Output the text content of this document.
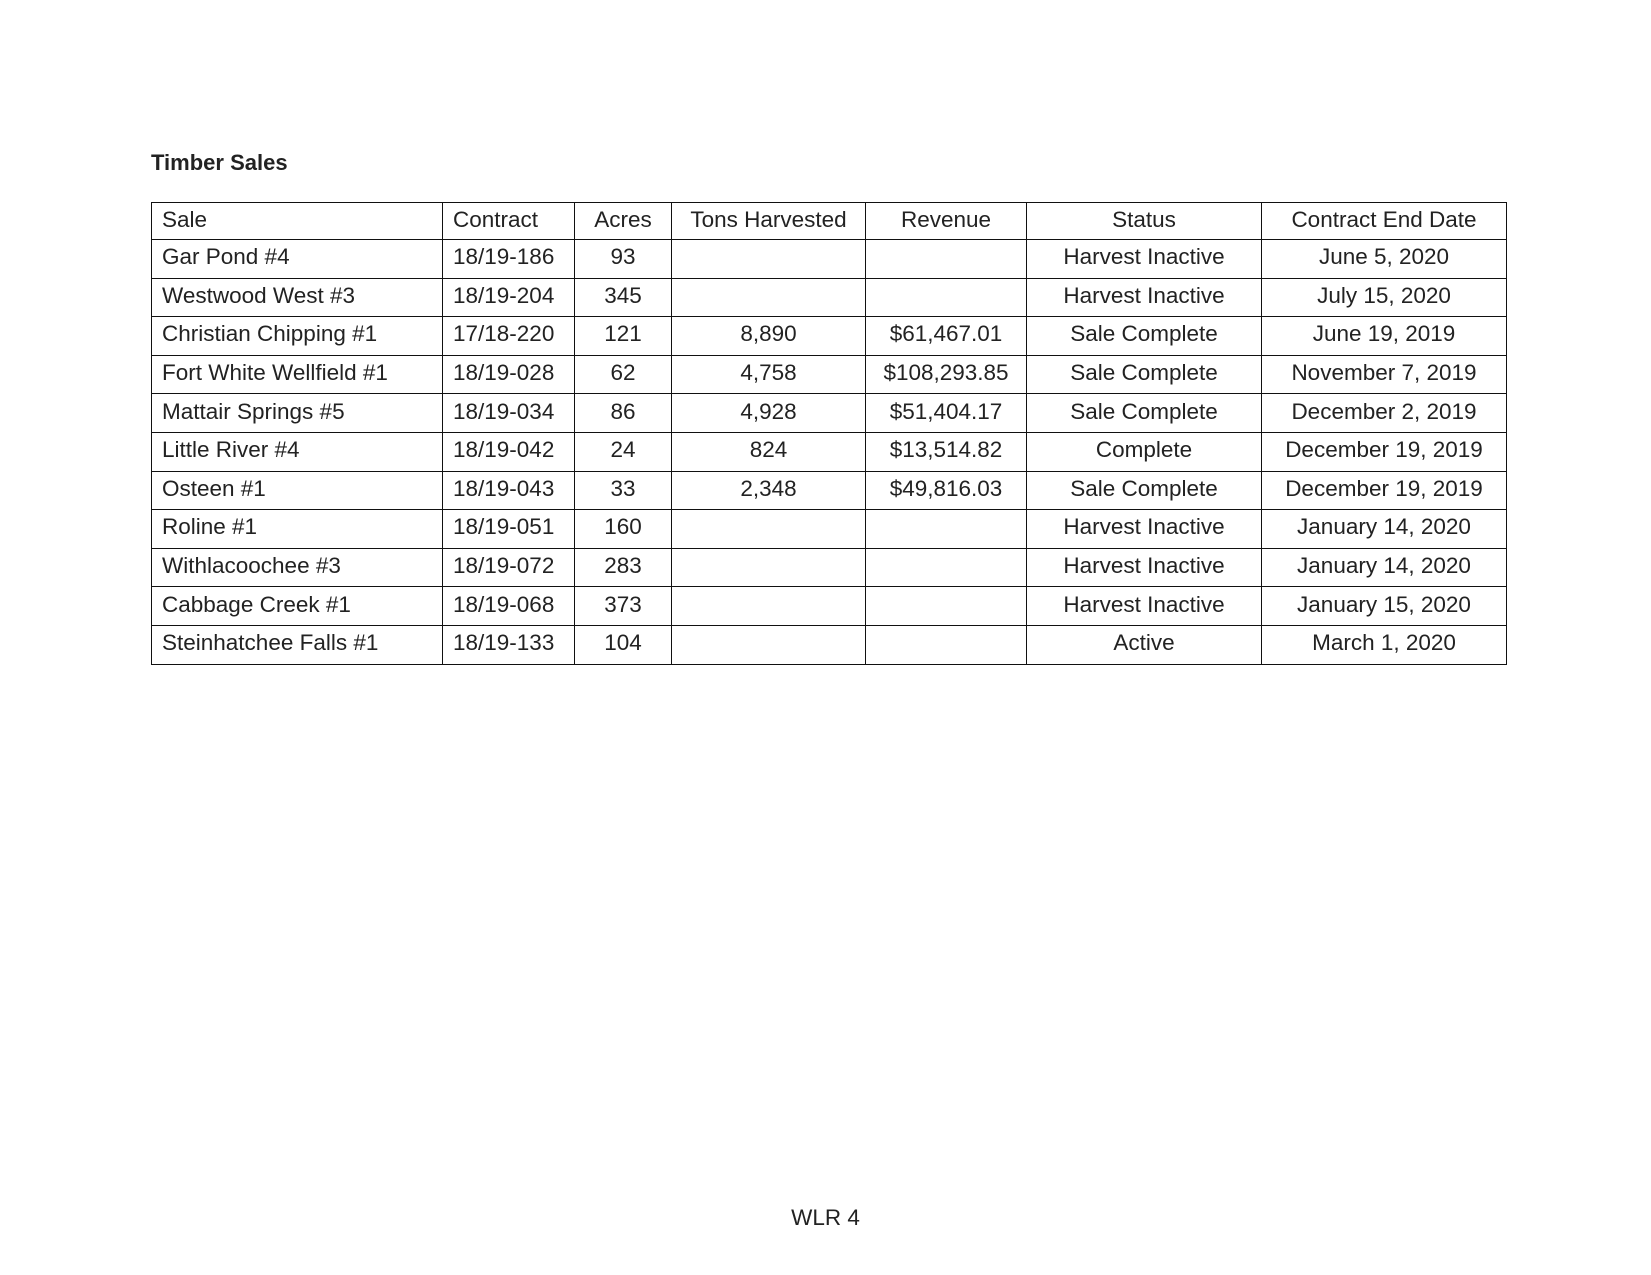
Timber Sales
Sale	Contract	Acres	Tons Harvested	Revenue	Status	Contract End Date
Gar Pond #4	18/19-186	93			Harvest Inactive	June 5, 2020
Westwood West #3	18/19-204	345			Harvest Inactive	July 15, 2020
Christian Chipping #1	17/18-220	121	8,890	$61,467.01	Sale Complete	June 19, 2019
Fort White Wellfield #1	18/19-028	62	4,758	$108,293.85	Sale Complete	November 7, 2019
Mattair Springs #5	18/19-034	86	4,928	$51,404.17	Sale Complete	December 2, 2019
Little River #4	18/19-042	24	824	$13,514.82	Complete	December 19, 2019
Osteen #1	18/19-043	33	2,348	$49,816.03	Sale Complete	December 19, 2019
Roline #1	18/19-051	160			Harvest Inactive	January 14, 2020
Withlacoochee #3	18/19-072	283			Harvest Inactive	January 14, 2020
Cabbage Creek #1	18/19-068	373			Harvest Inactive	January 15, 2020
Steinhatchee Falls #1	18/19-133	104			Active	March 1, 2020
WLR 4
